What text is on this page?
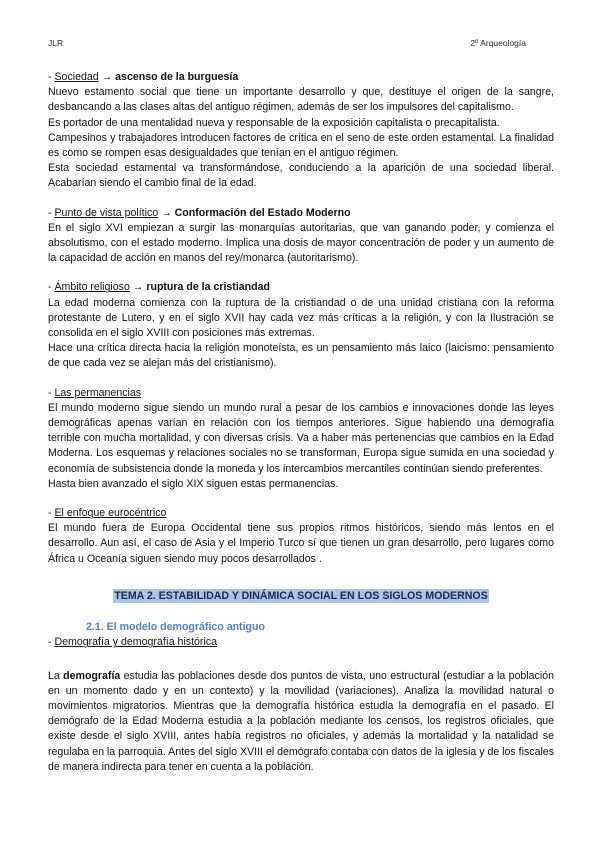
JLR	2º Arqueología
- Sociedad → ascenso de la burguesía

Nuevo estamento social que tiene un importante desarrollo y que, destituye el origen de la sangre, desbancando a las clases altas del antiguo régimen, además de ser los impulsores del capitalismo.

Es portador de una mentalidad nueva y responsable de la exposición capitalista o precapitalista.

Campesinos y trabajadores introducen factores de crítica en el seno de este orden estamental. La finalidad es como se rompen esas desigualdades que tenían en el antiguo régimen.

Esta sociedad estamental va transformándose, conduciendo a la aparición de una sociedad liberal. Acabarían siendo el cambio final de la edad.

- Punto de vista político → Conformación del Estado Moderno

En el siglo XVI empiezan a surgir las monarquías autoritarias, que van ganando poder, y comienza el absolutismo, con el estado moderno. Implica una dosis de mayor concentración de poder y un aumento de la capacidad de acción en manos del rey/monarca (autoritarismo).

- Ámbito religioso → ruptura de la cristiandad

La edad moderna comienza con la ruptura de la cristiandad o de una unidad cristiana con la reforma protestante de Lutero, y en el siglo XVII hay cada vez más críticas a la religión, y con la Ilustración se consolida en el siglo XVIII con posiciones más extremas.

Hace una crítica directa hacia la religión monoteísta, es un pensamiento más laico (laicismo: pensamiento de que cada vez se alejan más del cristianismo).

- Las permanencias

El mundo moderno sigue siendo un mundo rural a pesar de los cambios e innovaciones donde las leyes demográficas apenas varían en relación con los tiempos anteriores. Sigue habiendo una demografía terrible con mucha mortalidad, y con diversas crisis. Va a haber más pertenencias que cambios en la Edad Moderna. Los esquemas y relaciones sociales no se transforman, Europa sigue sumida en una sociedad y economía de subsistencia donde la moneda y los intercambios mercantiles continúan siendo preferentes.

Hasta bien avanzado el siglo XIX siguen estas permanencias.

- El enfoque eurocéntrico

El mundo fuera de Europa Occidental tiene sus propios ritmos históricos, siendo más lentos en el desarrollo. Aun así, el caso de Asia y el Imperio Turco sí que tienen un gran desarrollo, pero lugares como África u Oceanía siguen siendo muy pocos desarrollados .

TEMA 2. ESTABILIDAD Y DINÁMICA SOCIAL EN LOS SIGLOS MODERNOS
2.1. El modelo demográfico antiguo
- Demografía y demografía histórica

La demografía estudia las poblaciones desde dos puntos de vista, uno estructural (estudiar a la población en un momento dado y en un contexto) y la movilidad (variaciones). Analiza la movilidad natural o movimientos migratorios. Mientras que la demografía histórica estudia la demografía en el pasado. El demógrafo de la Edad Moderna estudia a la población mediante los censos, los registros oficiales, que existe desde el siglo XVIII, antes había registros no oficiales, y además la mortalidad y la natalidad se regulaba en la parroquia. Antes del siglo XVIII el demógrafo contaba con datos de la iglesia y de los fiscales de manera indirecta para tener en cuenta a la población.
